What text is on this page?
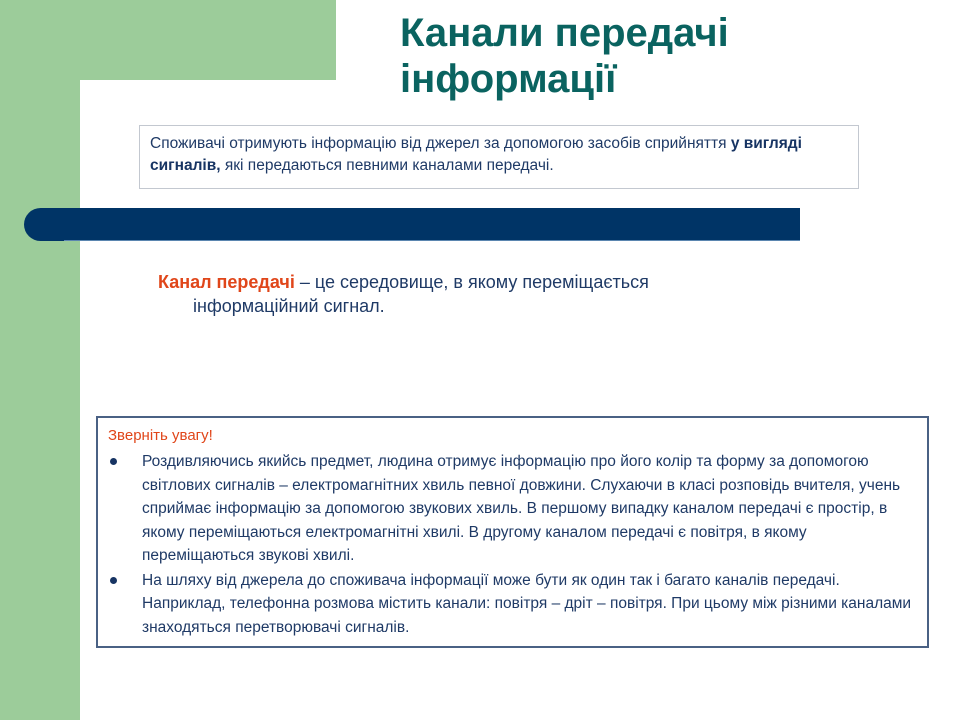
Канали передачі
інформації
Споживачі отримують інформацію від джерел за допомогою засобів сприйняття у вигляді сигналів, які передаються певними каналами передачі.
Канал передачі – це середовище, в якому переміщається
інформаційний сигнал.

Зверніть увагу!

Роздивляючись якийсь предмет, людина отримує інформацію про його колір та форму за допомогою світлових сигналів – електромагнітних хвиль певної довжини. Слухаючи в класі розповідь вчителя, учень сприймає інформацію за допомогою звукових хвиль. В першому випадку каналом передачі є простір, в якому переміщаються електромагнітні хвилі. В другому каналом передачі є повітря, в якому переміщаються звукові хвилі.
На шляху від джерела до споживача інформації може бути як один так і багато каналів передачі. Наприклад, телефонна розмова містить канали: повітря – дріт – повітря. При цьому між різними каналами знаходяться перетворювачі сигналів.
